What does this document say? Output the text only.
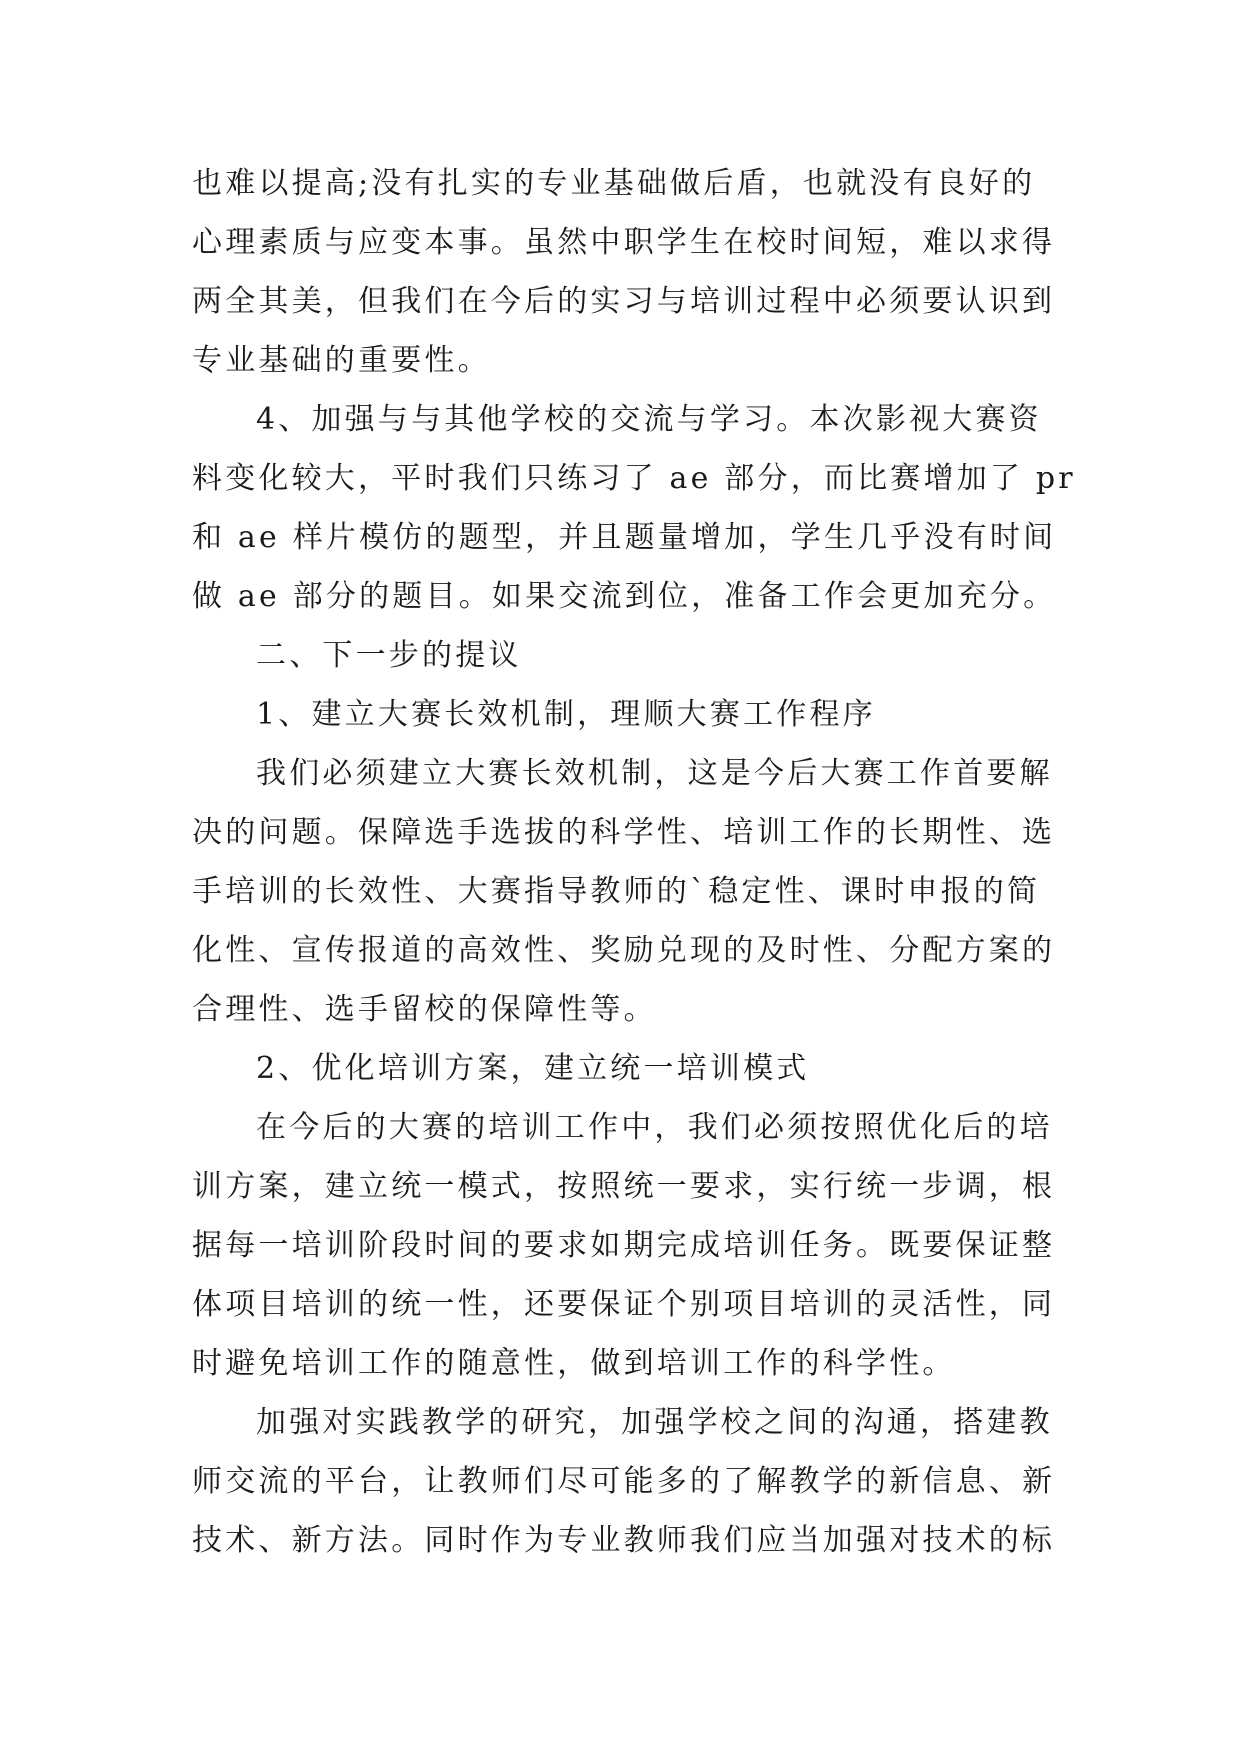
也难以提高;没有扎实的专业基础做后盾，也就没有良好的
心理素质与应变本事。虽然中职学生在校时间短，难以求得
两全其美，但我们在今后的实习与培训过程中必须要认识到
专业基础的重要性。
4、加强与与其他学校的交流与学习。本次影视大赛资
料变化较大，平时我们只练习了 ae 部分，而比赛增加了 pr
和 ae 样片模仿的题型，并且题量增加，学生几乎没有时间
做 ae 部分的题目。如果交流到位，准备工作会更加充分。
二、下一步的提议
1、建立大赛长效机制，理顺大赛工作程序
我们必须建立大赛长效机制，这是今后大赛工作首要解
决的问题。保障选手选拔的科学性、培训工作的长期性、选
手培训的长效性、大赛指导教师的`稳定性、课时申报的简
化性、宣传报道的高效性、奖励兑现的及时性、分配方案的
合理性、选手留校的保障性等。
2、优化培训方案，建立统一培训模式
在今后的大赛的培训工作中，我们必须按照优化后的培
训方案，建立统一模式，按照统一要求，实行统一步调，根
据每一培训阶段时间的要求如期完成培训任务。既要保证整
体项目培训的统一性，还要保证个别项目培训的灵活性，同
时避免培训工作的随意性，做到培训工作的科学性。
加强对实践教学的研究，加强学校之间的沟通，搭建教
师交流的平台，让教师们尽可能多的了解教学的新信息、新
技术、新方法。同时作为专业教师我们应当加强对技术的标
